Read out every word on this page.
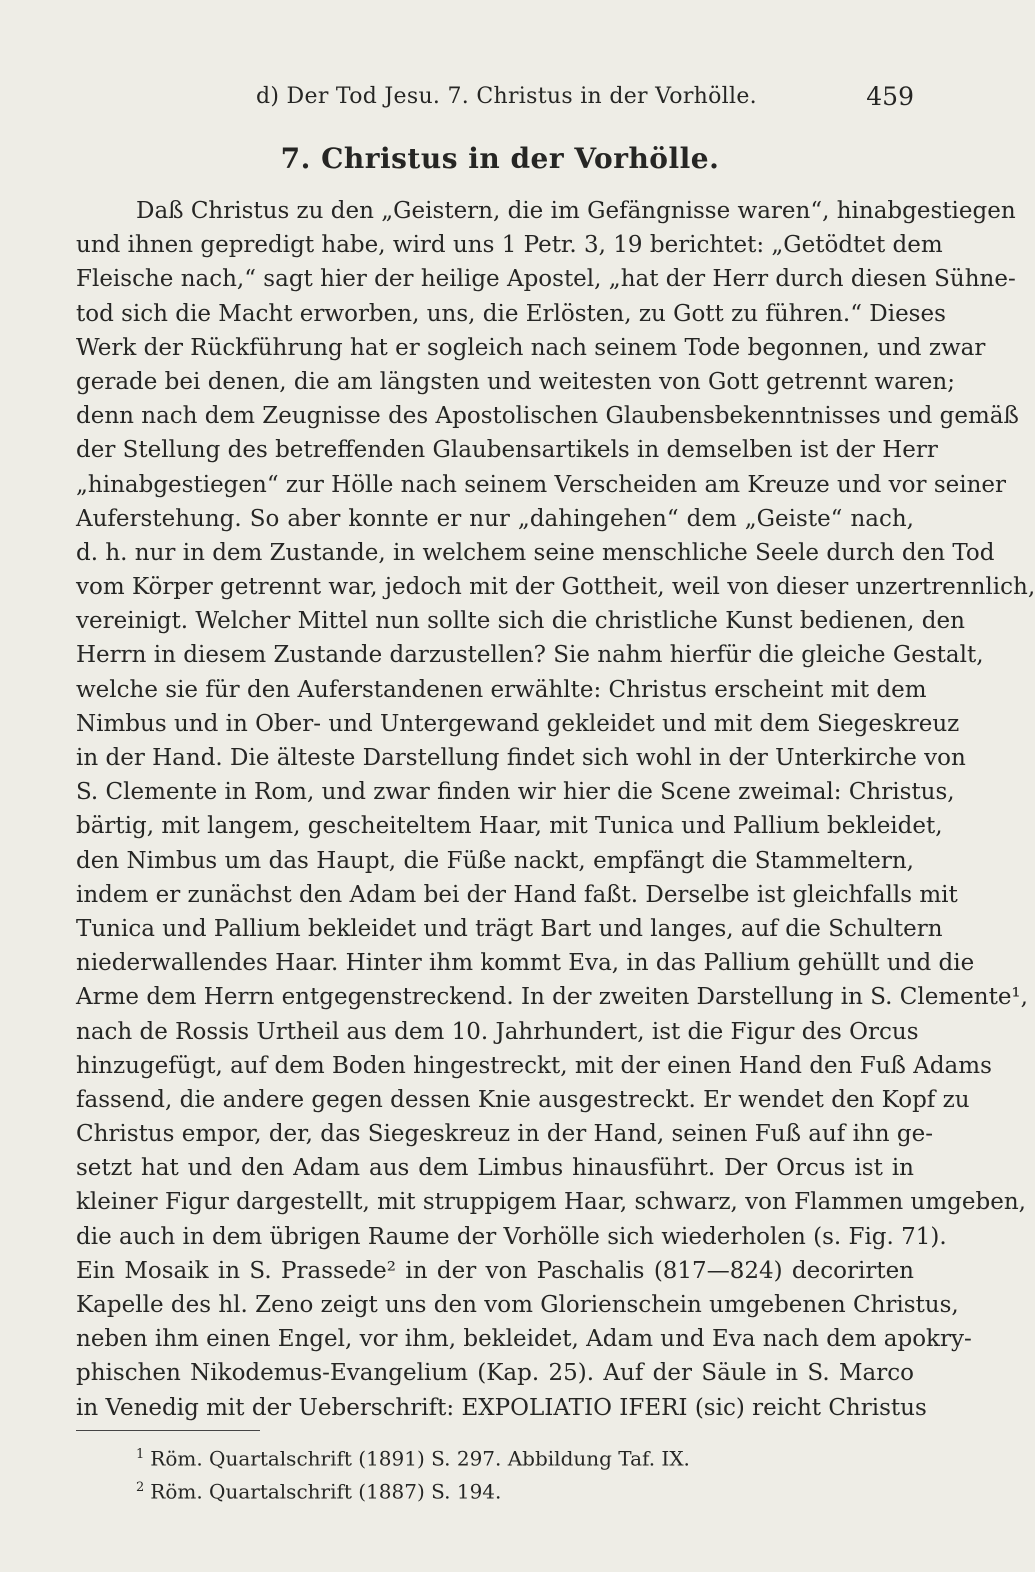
d) Der Tod Jesu. 7. Christus in der Vorhölle.	459
7. Christus in der Vorhölle.
Daß Christus zu den „Geistern, die im Gefängnisse waren“, hinabgestiegen
und ihnen gepredigt habe, wird uns 1 Petr. 3, 19 berichtet: „Getödtet dem
Fleische nach,“ sagt hier der heilige Apostel, „hat der Herr durch diesen Sühne-
tod sich die Macht erworben, uns, die Erlösten, zu Gott zu führen.“ Dieses
Werk der Rückführung hat er sogleich nach seinem Tode begonnen, und zwar
gerade bei denen, die am längsten und weitesten von Gott getrennt waren;
denn nach dem Zeugnisse des Apostolischen Glaubensbekenntnisses und gemäß
der Stellung des betreffenden Glaubensartikels in demselben ist der Herr
„hinabgestiegen“ zur Hölle nach seinem Verscheiden am Kreuze und vor seiner
Auferstehung. So aber konnte er nur „dahingehen“ dem „Geiste“ nach,
d. h. nur in dem Zustande, in welchem seine menschliche Seele durch den Tod
vom Körper getrennt war, jedoch mit der Gottheit, weil von dieser unzertrennlich,
vereinigt. Welcher Mittel nun sollte sich die christliche Kunst bedienen, den
Herrn in diesem Zustande darzustellen? Sie nahm hierfür die gleiche Gestalt,
welche sie für den Auferstandenen erwählte: Christus erscheint mit dem
Nimbus und in Ober- und Untergewand gekleidet und mit dem Siegeskreuz
in der Hand. Die älteste Darstellung findet sich wohl in der Unterkirche von
S. Clemente in Rom, und zwar finden wir hier die Scene zweimal: Christus,
bärtig, mit langem, gescheiteltem Haar, mit Tunica und Pallium bekleidet,
den Nimbus um das Haupt, die Füße nackt, empfängt die Stammeltern,
indem er zunächst den Adam bei der Hand faßt. Derselbe ist gleichfalls mit
Tunica und Pallium bekleidet und trägt Bart und langes, auf die Schultern
niederwallendes Haar. Hinter ihm kommt Eva, in das Pallium gehüllt und die
Arme dem Herrn entgegenstreckend. In der zweiten Darstellung in S. Clemente¹,
nach de Rossis Urtheil aus dem 10. Jahrhundert, ist die Figur des Orcus
hinzugefügt, auf dem Boden hingestreckt, mit der einen Hand den Fuß Adams
fassend, die andere gegen dessen Knie ausgestreckt. Er wendet den Kopf zu
Christus empor, der, das Siegeskreuz in der Hand, seinen Fuß auf ihn ge-
setzt hat und den Adam aus dem Limbus hinausführt. Der Orcus ist in
kleiner Figur dargestellt, mit struppigem Haar, schwarz, von Flammen umgeben,
die auch in dem übrigen Raume der Vorhölle sich wiederholen (s. Fig. 71).
Ein Mosaik in S. Prassede² in der von Paschalis (817—824) decorirten
Kapelle des hl. Zeno zeigt uns den vom Glorienschein umgebenen Christus,
neben ihm einen Engel, vor ihm, bekleidet, Adam und Eva nach dem apokry-
phischen Nikodemus-Evangelium (Kap. 25). Auf der Säule in S. Marco
in Venedig mit der Ueberschrift: EXPOLIATIO IFERI (sic) reicht Christus
$^1$ Röm. Quartalschrift (1891) S. 297. Abbildung Taf. IX.
$^2$ Röm. Quartalschrift (1887) S. 194.
